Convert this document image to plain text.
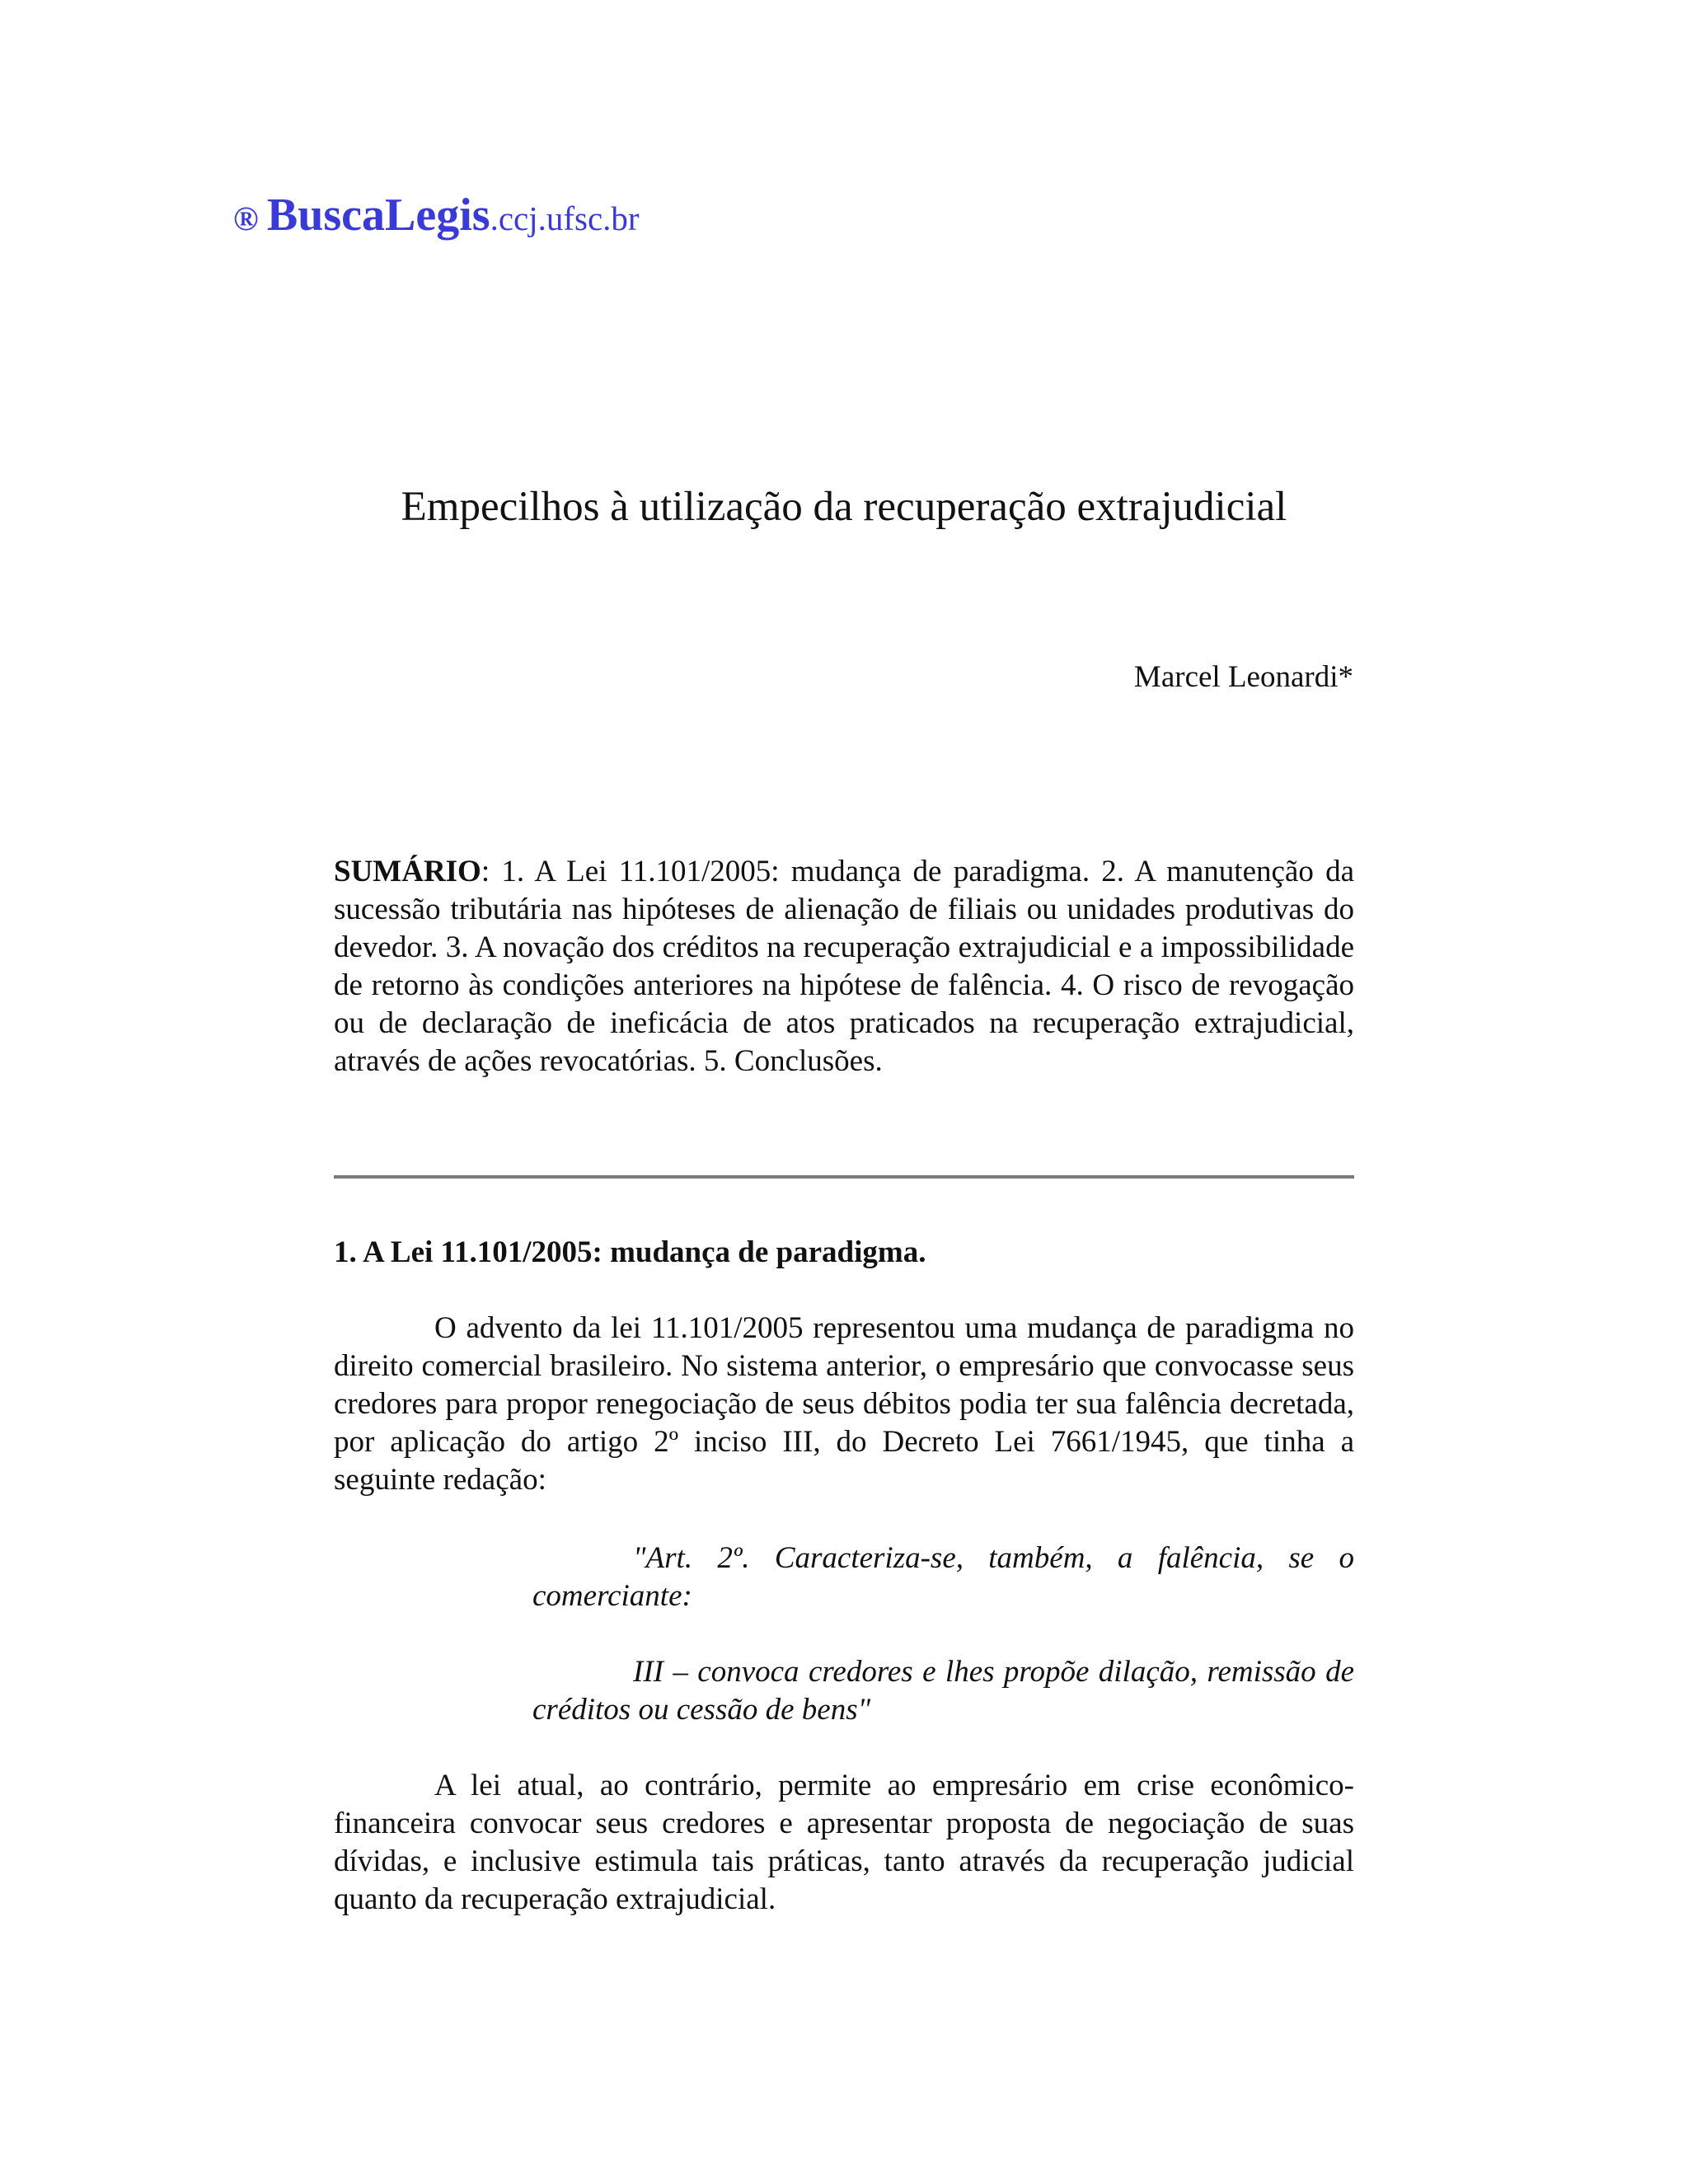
® BuscaLegis.ccj.ufsc.br
Empecilhos à utilização da recuperação extrajudicial
Marcel Leonardi*
SUMÁRIO: 1. A Lei 11.101/2005: mudança de paradigma. 2. A manutenção da sucessão tributária nas hipóteses de alienação de filiais ou unidades produtivas do devedor. 3. A novação dos créditos na recuperação extrajudicial e a impossibilidade de retorno às condições anteriores na hipótese de falência. 4. O risco de revogação ou de declaração de ineficácia de atos praticados na recuperação extrajudicial, através de ações revocatórias. 5. Conclusões.
1. A Lei 11.101/2005: mudança de paradigma.
O advento da lei 11.101/2005 representou uma mudança de paradigma no direito comercial brasileiro. No sistema anterior, o empresário que convocasse seus credores para propor renegociação de seus débitos podia ter sua falência decretada, por aplicação do artigo 2º inciso III, do Decreto Lei 7661/1945, que tinha a seguinte redação:
"Art. 2º. Caracteriza-se, também, a falência, se o comerciante:
III – convoca credores e lhes propõe dilação, remissão de créditos ou cessão de bens"
A lei atual, ao contrário, permite ao empresário em crise econômico-financeira convocar seus credores e apresentar proposta de negociação de suas dívidas, e inclusive estimula tais práticas, tanto através da recuperação judicial quanto da recuperação extrajudicial.
